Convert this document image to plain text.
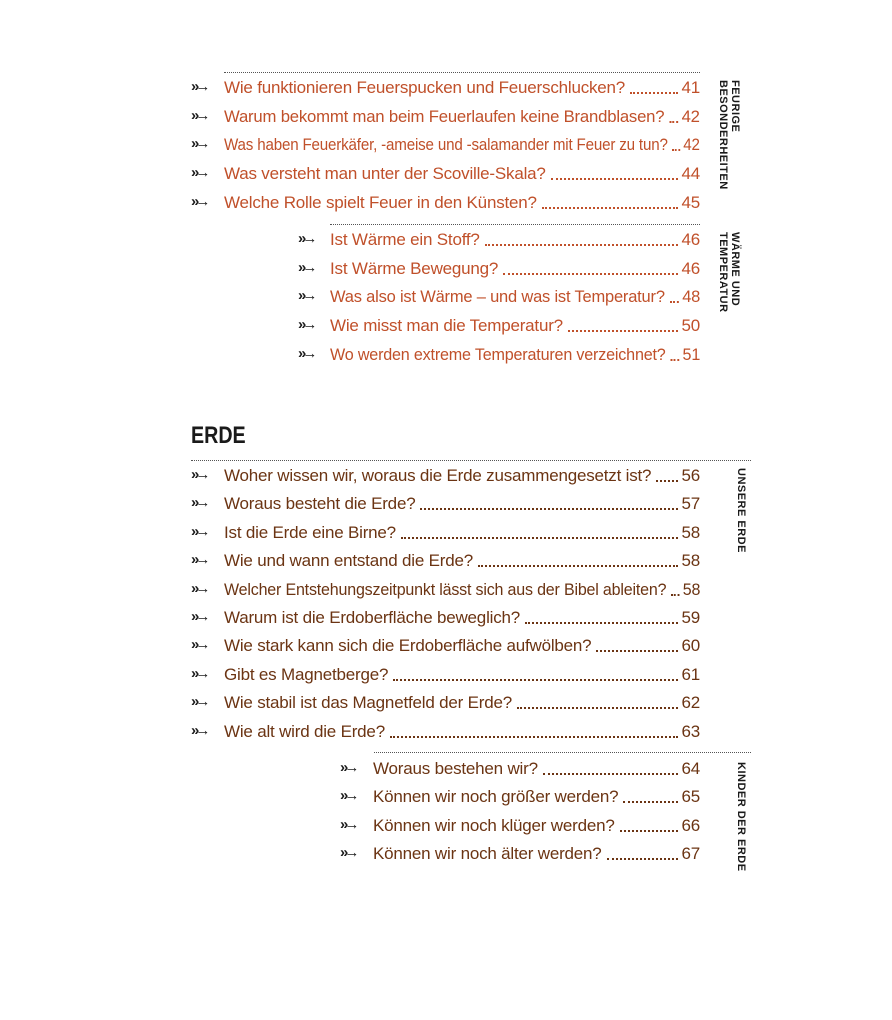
FEURIGE
BESONDERHEITEN
»→	Wie funktionieren Feuerspucken und Feuerschlucken?	41
»→	Warum bekommt man beim Feuerlaufen keine Brandblasen? 42
»→	Was haben Feuerkäfer, -ameise und -salamander mit Feuer zu tun? 42
»→	Was versteht man unter der Scoville-Skala?	44
»→	Welche Rolle spielt Feuer in den Künsten?	45
WÄRME UND
TEMPERATUR
»→ Ist Wärme ein Stoff?	46
»→ Ist Wärme Bewegung?	46
»→ Was also ist Wärme – und was ist Temperatur? 48
»→ Wie misst man die Temperatur?	50
»→ Wo werden extreme Temperaturen verzeichnet? 51
ERDE
UNSERE ERDE
»→	Woher wissen wir, woraus die Erde zusammengesetzt ist? 56
»→	Woraus besteht die Erde?	57
»→	Ist die Erde eine Birne?	58
»→	Wie und wann entstand die Erde?	58
»→	Welcher Entstehungszeitpunkt lässt sich aus der Bibel ableiten? 58
»→	Warum ist die Erdoberfläche beweglich?	59
»→	Wie stark kann sich die Erdoberfläche aufwölben?	60
»→	Gibt es Magnetberge?	61
»→	Wie stabil ist das Magnetfeld der Erde?	62
»→	Wie alt wird die Erde?	63
KINDER DER ERDE
»→	Woraus bestehen wir?	64
»→	Können wir noch größer werden?	65
»→	Können wir noch klüger werden?	66
»→	Können wir noch älter werden?	67
